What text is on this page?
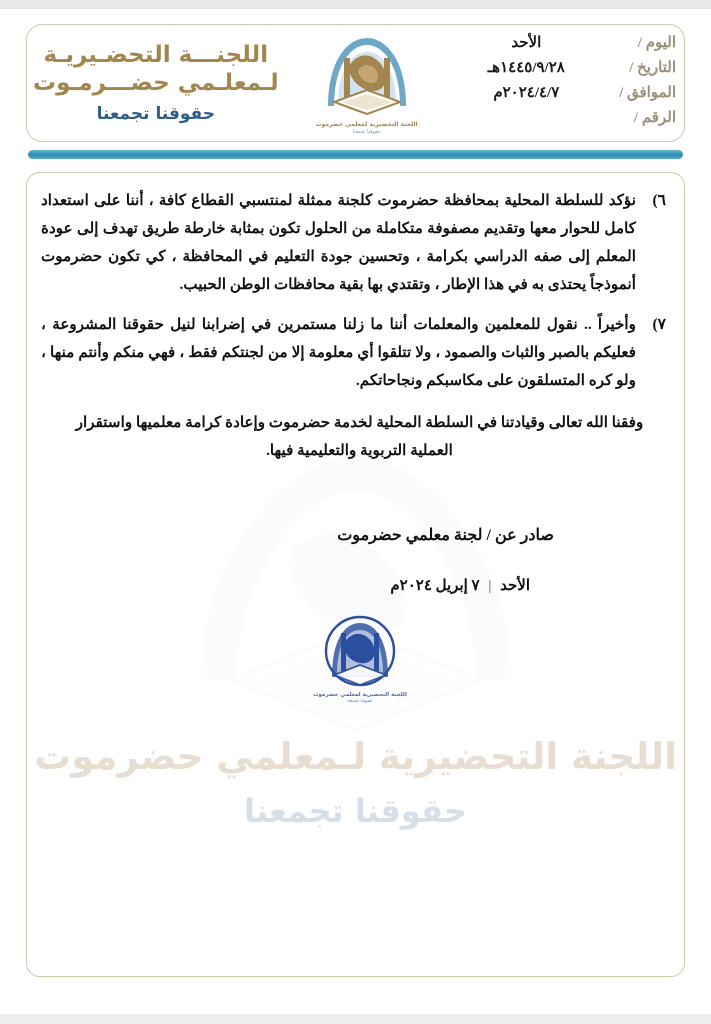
اللجنة التحضيرية لـمعلمي حضرموت
حقوقنا تجمعنا
اليوم /
الأحد
التاريخ /
١٤٤٥/٩/٢٨هـ
الموافق /
٢٠٢٤/٤/٧م
الرقم /
اللجنة التحضيرية لمعلمي حضرموت
حقوقنا تجمعنا
اللجنـــة التحضـيريـة
لـمعلـمي حضـــرمـوت
حقوقنا تجمعنا
٦)
نؤكد للسلطة المحلية بمحافظة حضرموت كلجنة ممثلة لمنتسبي القطاع كافة ، أننا على استعداد كامل للحوار معها وتقديم مصفوفة متكاملة من الحلول تكون بمثابة خارطة طريق تهدف إلى عودة المعلم إلى صفه الدراسي بكرامة ، وتحسين جودة التعليم في المحافظة ، كي تكون حضرموت أنموذجاً يحتذى به في هذا الإطار ، وتقتدي بها بقية محافظات الوطن الحبيب.
٧)
وأخيراً .. نقول للمعلمين والمعلمات أننا ما زلنا مستمرين في إضرابنا لنيل حقوقنا المشروعة ، فعليكم بالصبر والثبات والصمود ، ولا تتلقوا أي معلومة إلا من لجنتكم فقط ، فهي منكم وأنتم منها ، ولو كره المتسلقون على مكاسبكم ونجاحاتكم.
وفقنا الله تعالى وقيادتنا في السلطة المحلية لخدمة حضرموت وإعادة كرامة معلميها واستقرار العملية التربوية والتعليمية فيها.
صادر عن / لجنة معلمي حضرموت
الأحد | ٧ إبريل ٢٠٢٤م
اللجنة التحضيرية لمعلمي حضرموت
حقوقنا تجمعنا
